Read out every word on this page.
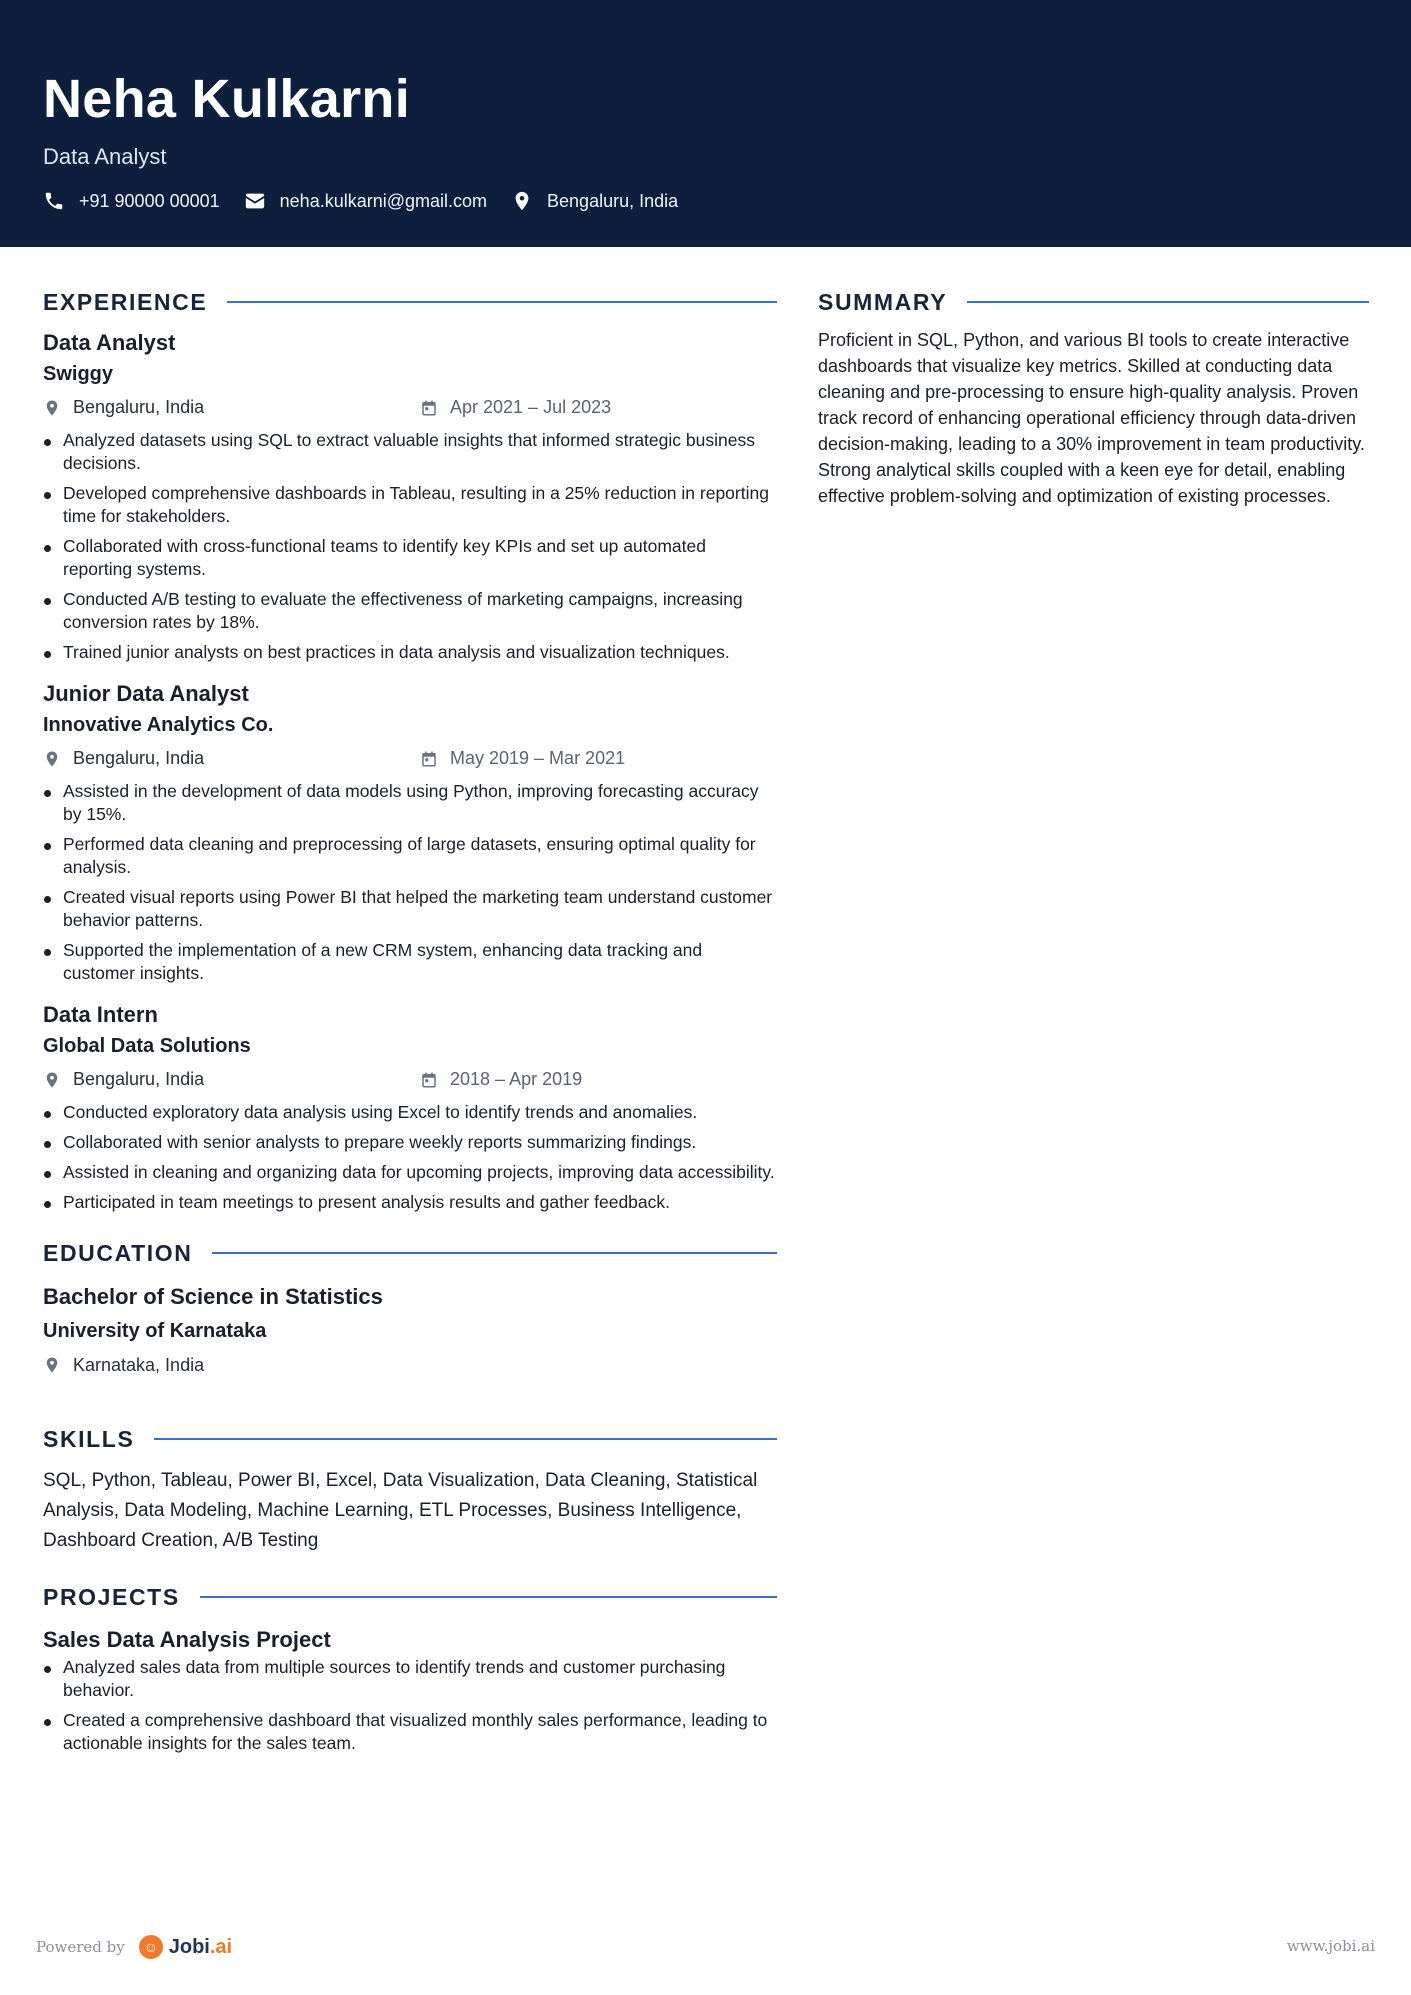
Neha Kulkarni
Data Analyst
+91 90000 00001	neha.kulkarni@gmail.com	Bengaluru, India
EXPERIENCE
Data Analyst
Swiggy
Bengaluru, India	Apr 2021 – Jul 2023
Analyzed datasets using SQL to extract valuable insights that informed strategic business decisions.
Developed comprehensive dashboards in Tableau, resulting in a 25% reduction in reporting time for stakeholders.
Collaborated with cross-functional teams to identify key KPIs and set up automated reporting systems.
Conducted A/B testing to evaluate the effectiveness of marketing campaigns, increasing conversion rates by 18%.
Trained junior analysts on best practices in data analysis and visualization techniques.
Junior Data Analyst
Innovative Analytics Co.
Bengaluru, India	May 2019 – Mar 2021
Assisted in the development of data models using Python, improving forecasting accuracy by 15%.
Performed data cleaning and preprocessing of large datasets, ensuring optimal quality for analysis.
Created visual reports using Power BI that helped the marketing team understand customer behavior patterns.
Supported the implementation of a new CRM system, enhancing data tracking and customer insights.
Data Intern
Global Data Solutions
Bengaluru, India	2018 – Apr 2019
Conducted exploratory data analysis using Excel to identify trends and anomalies.
Collaborated with senior analysts to prepare weekly reports summarizing findings.
Assisted in cleaning and organizing data for upcoming projects, improving data accessibility.
Participated in team meetings to present analysis results and gather feedback.
EDUCATION
Bachelor of Science in Statistics
University of Karnataka
Karnataka, India
SKILLS
SQL, Python, Tableau, Power BI, Excel, Data Visualization, Data Cleaning, Statistical Analysis, Data Modeling, Machine Learning, ETL Processes, Business Intelligence, Dashboard Creation, A/B Testing
PROJECTS
Sales Data Analysis Project
Analyzed sales data from multiple sources to identify trends and customer purchasing behavior.
Created a comprehensive dashboard that visualized monthly sales performance, leading to actionable insights for the sales team.
SUMMARY
Proficient in SQL, Python, and various BI tools to create interactive dashboards that visualize key metrics. Skilled at conducting data cleaning and pre-processing to ensure high-quality analysis. Proven track record of enhancing operational efficiency through data-driven decision-making, leading to a 30% improvement in team productivity. Strong analytical skills coupled with a keen eye for detail, enabling effective problem-solving and optimization of existing processes.
Powered by	☺ Jobi .ai	www.jobi.ai
